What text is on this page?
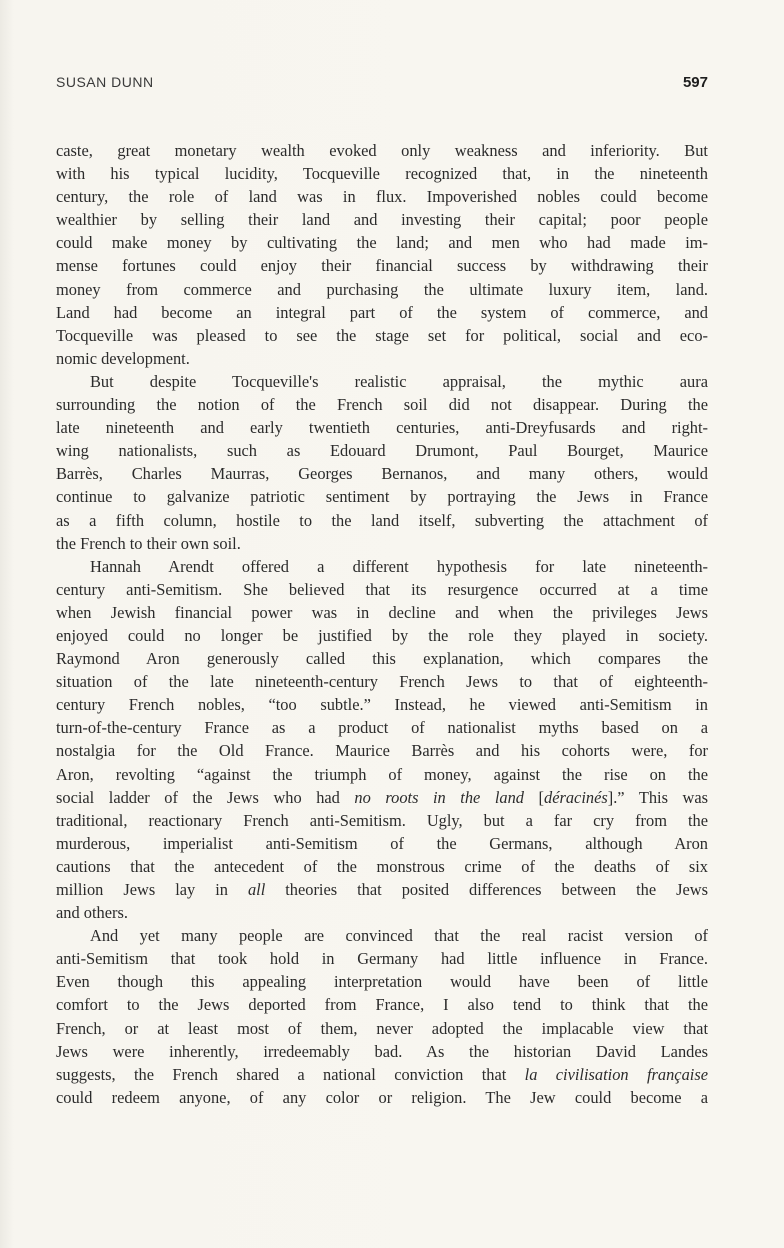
SUSAN DUNN	597
caste, great monetary wealth evoked only weakness and inferiority. But
with his typical lucidity, Tocqueville recognized that, in the nineteenth
century, the role of land was in flux. Impoverished nobles could become
wealthier by selling their land and investing their capital; poor people
could make money by cultivating the land; and men who had made im-
mense fortunes could enjoy their financial success by withdrawing their
money from commerce and purchasing the ultimate luxury item, land.
Land had become an integral part of the system of commerce, and
Tocqueville was pleased to see the stage set for political, social and eco-
nomic development.
But despite Tocqueville's realistic appraisal, the mythic aura
surrounding the notion of the French soil did not disappear. During the
late nineteenth and early twentieth centuries, anti-Dreyfusards and right-
wing nationalists, such as Edouard Drumont, Paul Bourget, Maurice
Barrès, Charles Maurras, Georges Bernanos, and many others, would
continue to galvanize patriotic sentiment by portraying the Jews in France
as a fifth column, hostile to the land itself, subverting the attachment of
the French to their own soil.
Hannah Arendt offered a different hypothesis for late nineteenth-
century anti-Semitism. She believed that its resurgence occurred at a time
when Jewish financial power was in decline and when the privileges Jews
enjoyed could no longer be justified by the role they played in society.
Raymond Aron generously called this explanation, which compares the
situation of the late nineteenth-century French Jews to that of eighteenth-
century French nobles, “too subtle.” Instead, he viewed anti-Semitism in
turn-of-the-century France as a product of nationalist myths based on a
nostalgia for the Old France. Maurice Barrès and his cohorts were, for
Aron, revolting “against the triumph of money, against the rise on the
social ladder of the Jews who had no roots in the land [déracinés].” This was
traditional, reactionary French anti-Semitism. Ugly, but a far cry from the
murderous, imperialist anti-Semitism of the Germans, although Aron
cautions that the antecedent of the monstrous crime of the deaths of six
million Jews lay in all theories that posited differences between the Jews
and others.
And yet many people are convinced that the real racist version of
anti-Semitism that took hold in Germany had little influence in France.
Even though this appealing interpretation would have been of little
comfort to the Jews deported from France, I also tend to think that the
French, or at least most of them, never adopted the implacable view that
Jews were inherently, irredeemably bad. As the historian David Landes
suggests, the French shared a national conviction that la civilisation française
could redeem anyone, of any color or religion. The Jew could become a
